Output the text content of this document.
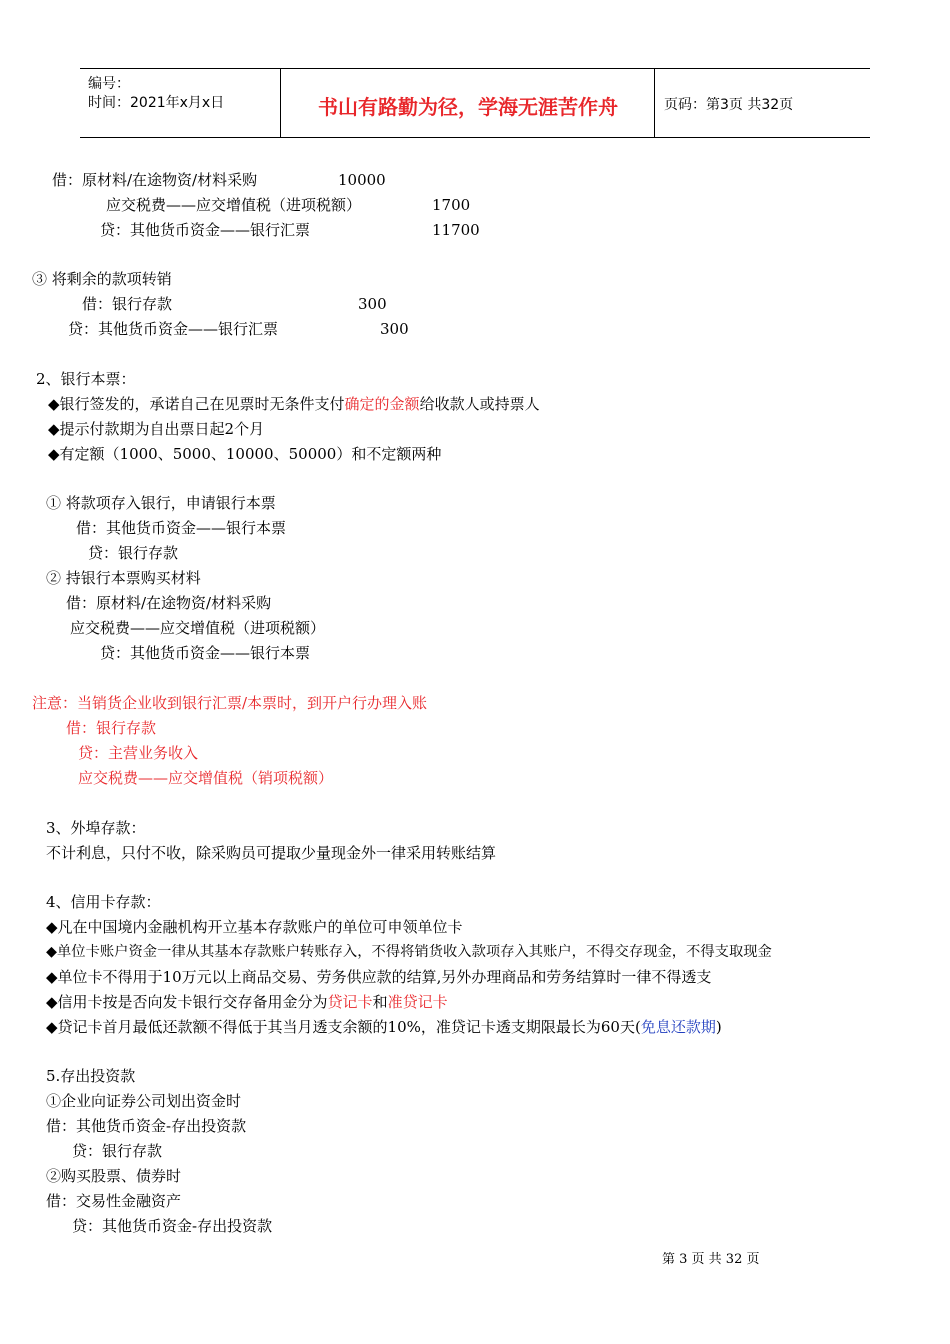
编号：
时间：2021年x月x日	书山有路勤为径，学海无涯苦作舟	页码：第3页 共32页
借：原材料/在途物资/材料采购	10000
应交税费——应交增值税（进项税额）	1700
贷：其他货币资金——银行汇票	11700
③ 将剩余的款项转销
借：银行存款	300
贷：其他货币资金——银行汇票	300
2、银行本票：
◆银行签发的，承诺自己在见票时无条件支付确定的金额给收款人或持票人
◆提示付款期为自出票日起2个月
◆有定额（1000、5000、10000、50000）和不定额两种
① 将款项存入银行，申请银行本票
借：其他货币资金——银行本票
贷：银行存款
② 持银行本票购买材料
借：原材料/在途物资/材料采购
应交税费——应交增值税（进项税额）
贷：其他货币资金——银行本票
注意：当销货企业收到银行汇票/本票时，到开户行办理入账
借：银行存款
贷：主营业务收入
应交税费——应交增值税（销项税额）
3、外埠存款：
不计利息，只付不收，除采购员可提取少量现金外一律采用转账结算
4、信用卡存款：
◆凡在中国境内金融机构开立基本存款账户的单位可申领单位卡
◆单位卡账户资金一律从其基本存款账户转账存入，不得将销货收入款项存入其账户，不得交存现金，不得支取现金
◆单位卡不得用于10万元以上商品交易、劳务供应款的结算,另外办理商品和劳务结算时一律不得透支
◆信用卡按是否向发卡银行交存备用金分为贷记卡和准贷记卡
◆贷记卡首月最低还款额不得低于其当月透支余额的10%，准贷记卡透支期限最长为60天(免息还款期)
5.存出投资款
①企业向证券公司划出资金时
借：其他货币资金-存出投资款
贷：银行存款
②购买股票、债券时
借：交易性金融资产
贷：其他货币资金-存出投资款
第 3 页 共 32 页
